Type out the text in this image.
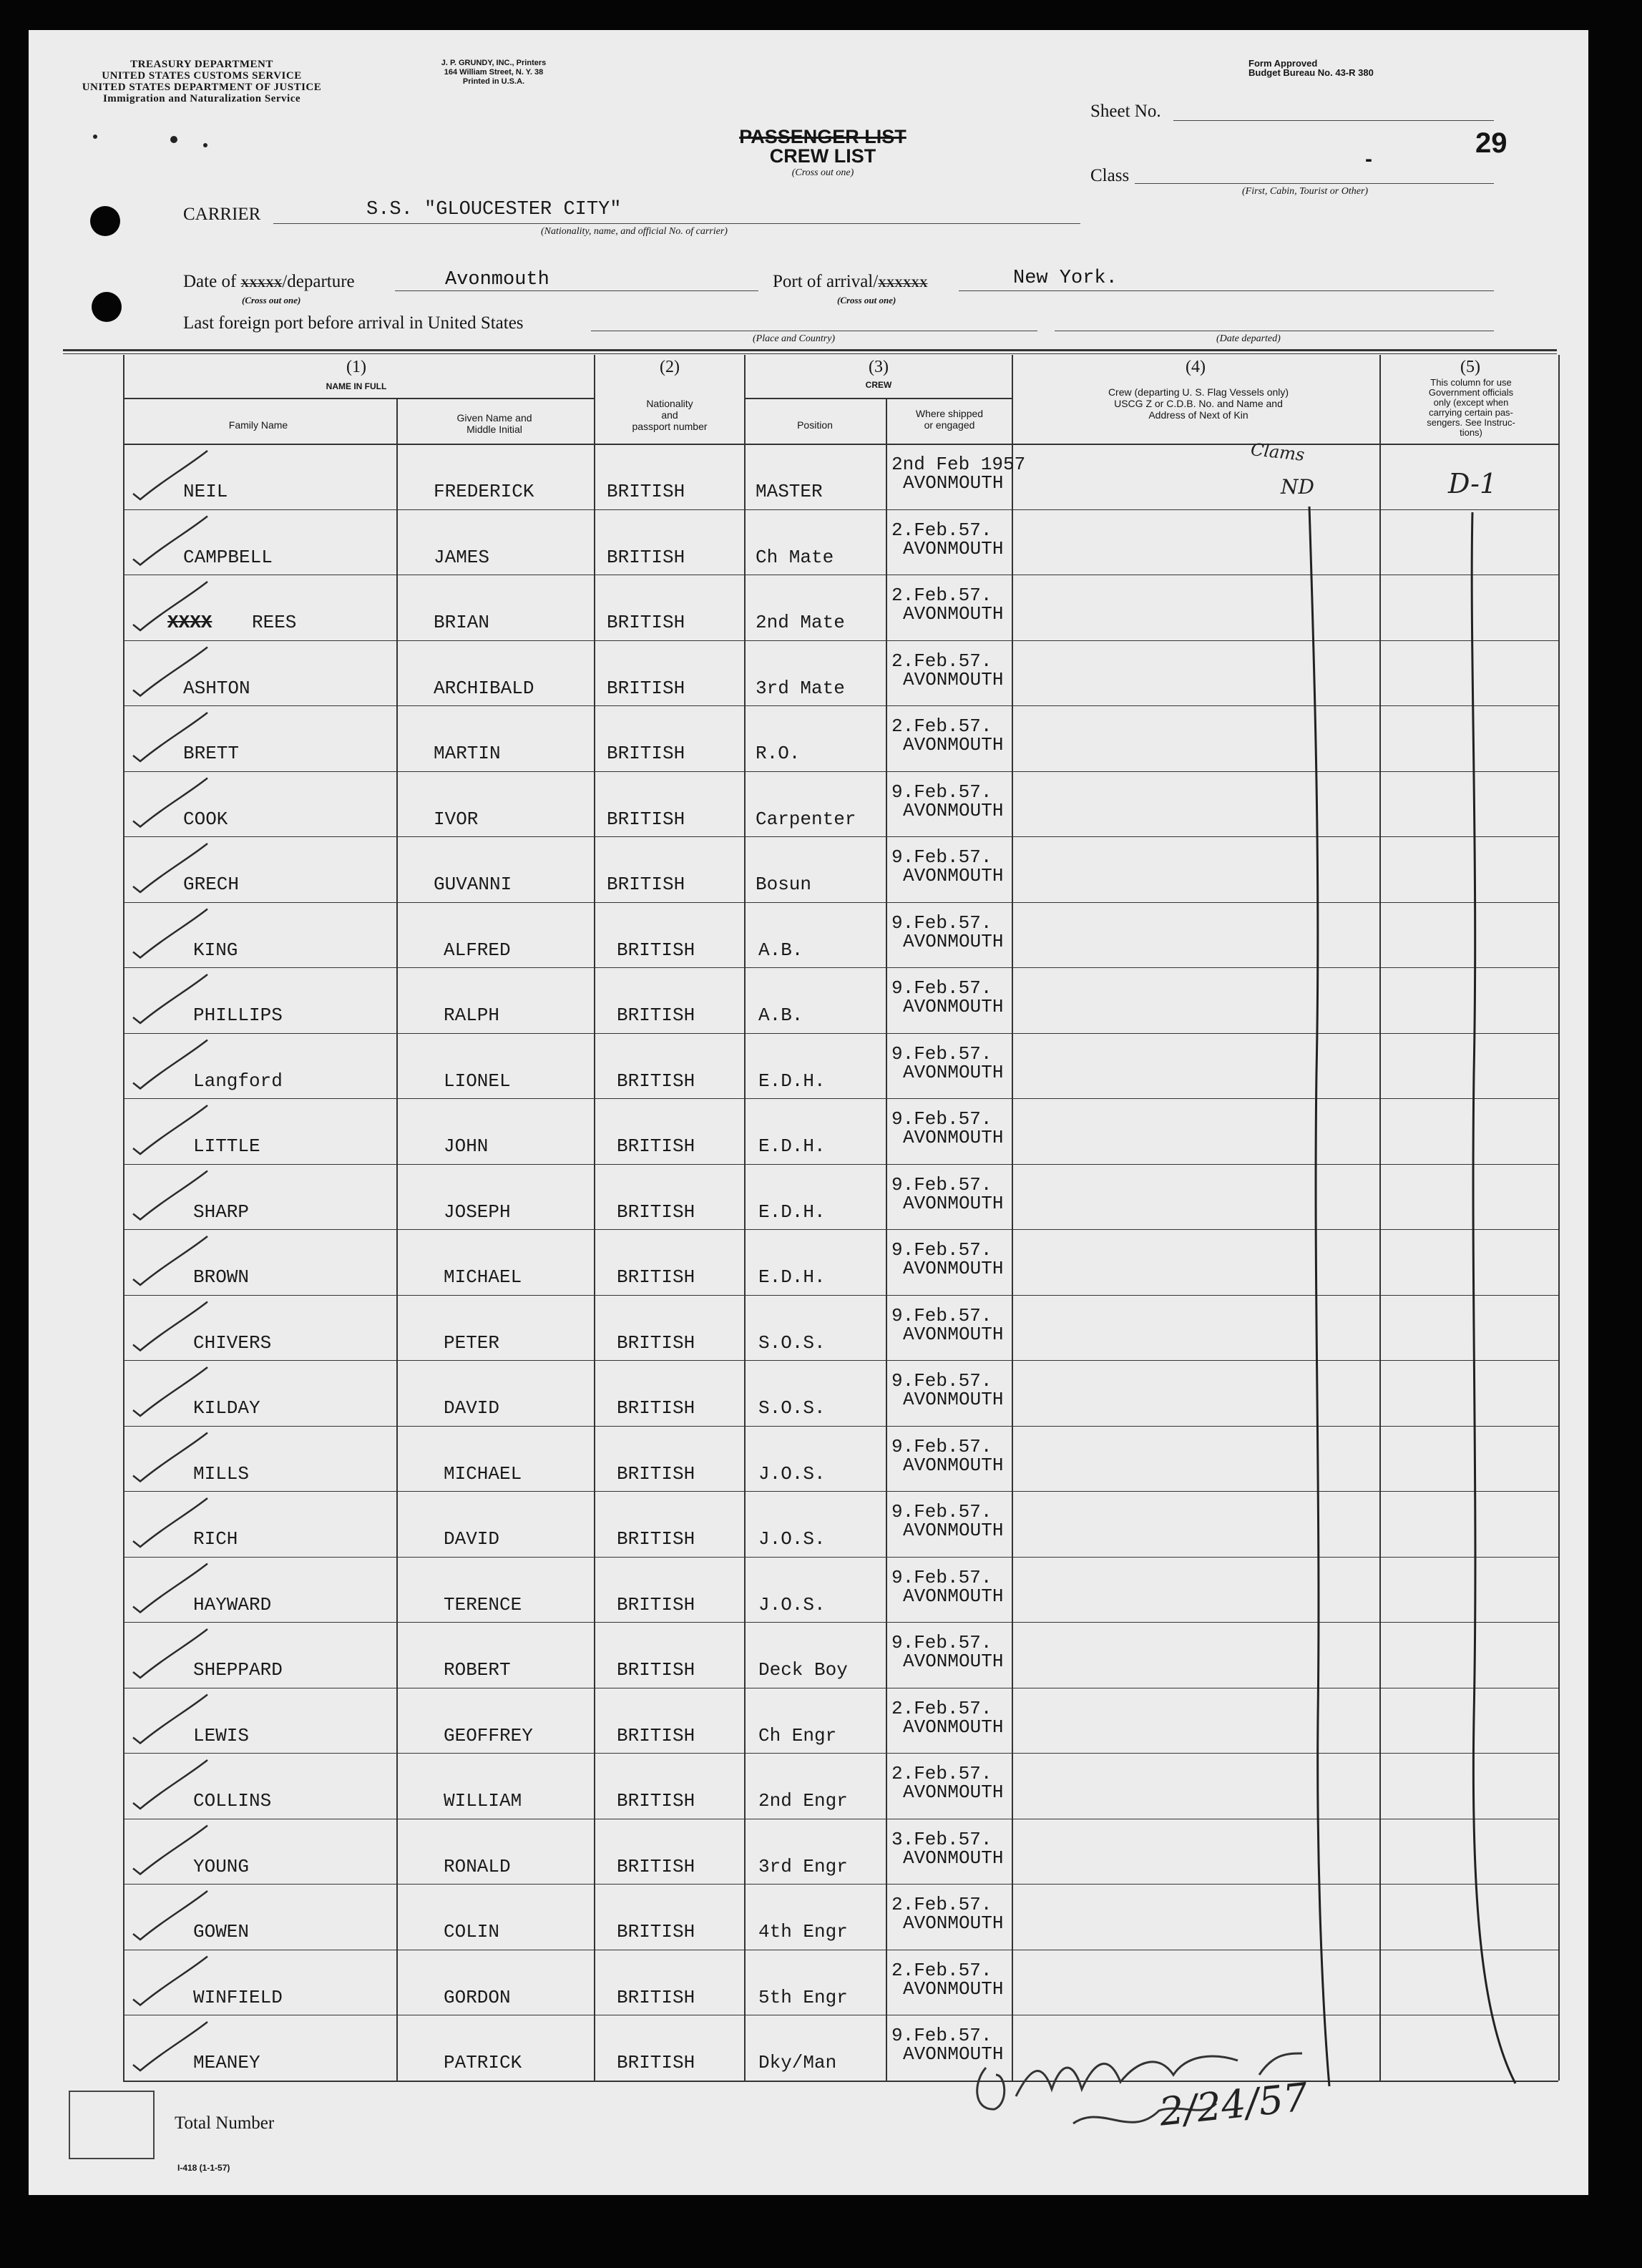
TREASURY DEPARTMENT
UNITED STATES CUSTOMS SERVICE
UNITED STATES DEPARTMENT OF JUSTICE
Immigration and Naturalization Service
J. P. GRUNDY, INC., Printers
164 William Street, N. Y. 38
Printed in U.S.A.
Form Approved
Budget Bureau No. 43-R 380
PASSENGER LIST
CREW LIST
(Cross out one)
Sheet No.
29
-
Class
(First, Cabin, Tourist or Other)
CARRIER	S.S. "GLOUCESTER CITY"
(Nationality, name, and official No. of carrier)
Date of XXXXX/departure
(Cross out one)
Avonmouth	Port of arrival/XXXXXX
(Cross out one)
New York.
Last foreign port before arrival in United States
(Place and Country)	(Date departed)
(1)
NAME IN FULL
Family Name
Given Name and
Middle Initial
(2)
Nationality
and
passport number
(3)
CREW
Position
Where shipped
or engaged
(4)
Crew (departing U. S. Flag Vessels only)
USCG Z or C.D.B. No. and Name and
Address of Next of Kin
(5)
This column for use
Government officials
only (except when
carrying certain pas-
sengers. See Instruc-
tions)
NEIL	FREDERICK	BRITISH	MASTER
2nd Feb 1957
AVONMOUTH
CAMPBELL	JAMES	BRITISH	Ch Mate
2.Feb.57.
AVONMOUTH
XXXX REES	BRIAN	BRITISH	2nd Mate
2.Feb.57.
AVONMOUTH
ASHTON	ARCHIBALD	BRITISH	3rd Mate
2.Feb.57.
AVONMOUTH
BRETT	MARTIN	BRITISH	R.O.
2.Feb.57.
AVONMOUTH
COOK	IVOR	BRITISH	Carpenter
9.Feb.57.
AVONMOUTH
GRECH	GUVANNI	BRITISH	Bosun
9.Feb.57.
AVONMOUTH
KING	ALFRED	BRITISH	A.B.
9.Feb.57.
AVONMOUTH
PHILLIPS	RALPH	BRITISH	A.B.
9.Feb.57.
AVONMOUTH
Langford	LIONEL	BRITISH	E.D.H.
9.Feb.57.
AVONMOUTH
LITTLE	JOHN	BRITISH	E.D.H.
9.Feb.57.
AVONMOUTH
SHARP	JOSEPH	BRITISH	E.D.H.
9.Feb.57.
AVONMOUTH
BROWN	MICHAEL	BRITISH	E.D.H.
9.Feb.57.
AVONMOUTH
CHIVERS	PETER	BRITISH	S.O.S.
9.Feb.57.
AVONMOUTH
KILDAY	DAVID	BRITISH	S.O.S.
9.Feb.57.
AVONMOUTH
MILLS	MICHAEL	BRITISH	J.O.S.
9.Feb.57.
AVONMOUTH
RICH	DAVID	BRITISH	J.O.S.
9.Feb.57.
AVONMOUTH
HAYWARD	TERENCE	BRITISH	J.O.S.
9.Feb.57.
AVONMOUTH
SHEPPARD	ROBERT	BRITISH	Deck Boy
9.Feb.57.
AVONMOUTH
LEWIS	GEOFFREY	BRITISH	Ch Engr
2.Feb.57.
AVONMOUTH
COLLINS	WILLIAM	BRITISH	2nd Engr
2.Feb.57.
AVONMOUTH
YOUNG	RONALD	BRITISH	3rd Engr
3.Feb.57.
AVONMOUTH
GOWEN	COLIN	BRITISH	4th Engr
2.Feb.57.
AVONMOUTH
WINFIELD	GORDON	BRITISH	5th Engr
2.Feb.57.
AVONMOUTH
MEANEY	PATRICK	BRITISH	Dky/Man
9.Feb.57.
AVONMOUTH
Clams
ND	D-1
2/24/57
Total Number
I-418 (1-1-57)
